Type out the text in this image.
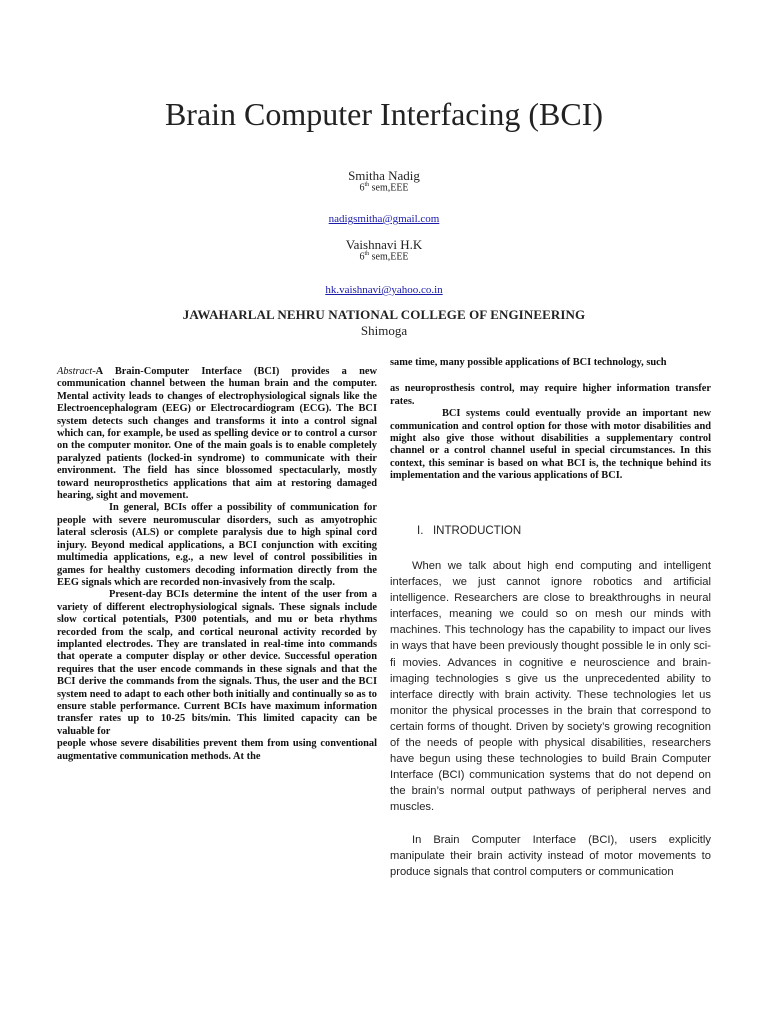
Brain Computer Interfacing (BCI)
Smitha Nadig
6th sem,EEE
nadigsmitha@gmail.com
Vaishnavi H.K
6th sem,EEE
hk.vaishnavi@yahoo.co.in
JAWAHARLAL NEHRU NATIONAL COLLEGE OF ENGINEERING
Shimoga

Abstract-A Brain-Computer Interface (BCI) provides a new communication channel between the human brain and the computer. Mental activity leads to changes of electrophysiological signals like the Electroencephalogram (EEG) or Electrocardiogram (ECG). The BCI system detects such changes and transforms it into a control signal which can, for example, be used as spelling device or to control a cursor on the computer monitor. One of the main goals is to enable completely paralyzed patients (locked-in syndrome) to communicate with their environment. The field has since blossomed spectacularly, mostly toward neuroprosthetics applications that aim at restoring damaged hearing, sight and movement.

In general, BCIs offer a possibility of communication for people with severe neuromuscular disorders, such as amyotrophic lateral sclerosis (ALS) or complete paralysis due to high spinal cord injury. Beyond medical applications, a BCI conjunction with exciting multimedia applications, e.g., a new level of control possibilities in games for healthy customers decoding information directly from the EEG signals which are recorded non-invasively from the scalp.

Present-day BCIs determine the intent of the user from a variety of different electrophysiological signals. These signals include slow cortical potentials, P300 potentials, and mu or beta rhythms recorded from the scalp, and cortical neuronal activity recorded by implanted electrodes. They are translated in real-time into commands that operate a computer display or other device. Successful operation requires that the user encode commands in these signals and that the BCI derive the commands from the signals. Thus, the user and the BCI system need to adapt to each other both initially and continually so as to ensure stable performance. Current BCIs have maximum information transfer rates up to 10-25 bits/min. This limited capacity can be valuable for

people whose severe disabilities prevent them from using conventional augmentative communication methods. At the

same time, many possible applications of BCI technology, such

as neuroprosthesis control, may require higher information transfer rates.

BCI systems could eventually provide an important new communication and control option for those with motor disabilities and might also give those without disabilities a supplementary control channel or a control channel useful in special circumstances. In this context, this seminar is based on what BCI is, the technique behind its implementation and the various applications of BCI.

I. INTRODUCTION

When we talk about high end computing and intelligent interfaces, we just cannot ignore robotics and artificial intelligence. Researchers are close to breakthroughs in neural interfaces, meaning we could so on mesh our minds with machines. This technology has the capability to impact our lives in ways that have been previously thought possible le in only sci-fi movies. Advances in cognitive e neuroscience and brain-imaging technologies s give us the unprecedented ability to interface directly with brain activity. These technologies let us monitor the physical processes in the brain that correspond to certain forms of thought. Driven by society’s growing recognition of the needs of people with physical disabilities, researchers have begun using these technologies to build Brain Computer Interface (BCI) communication systems that do not depend on the brain’s normal output pathways of peripheral nerves and muscles.

In Brain Computer Interface (BCI), users explicitly manipulate their brain activity instead of motor movements to produce signals that control computers or communication
